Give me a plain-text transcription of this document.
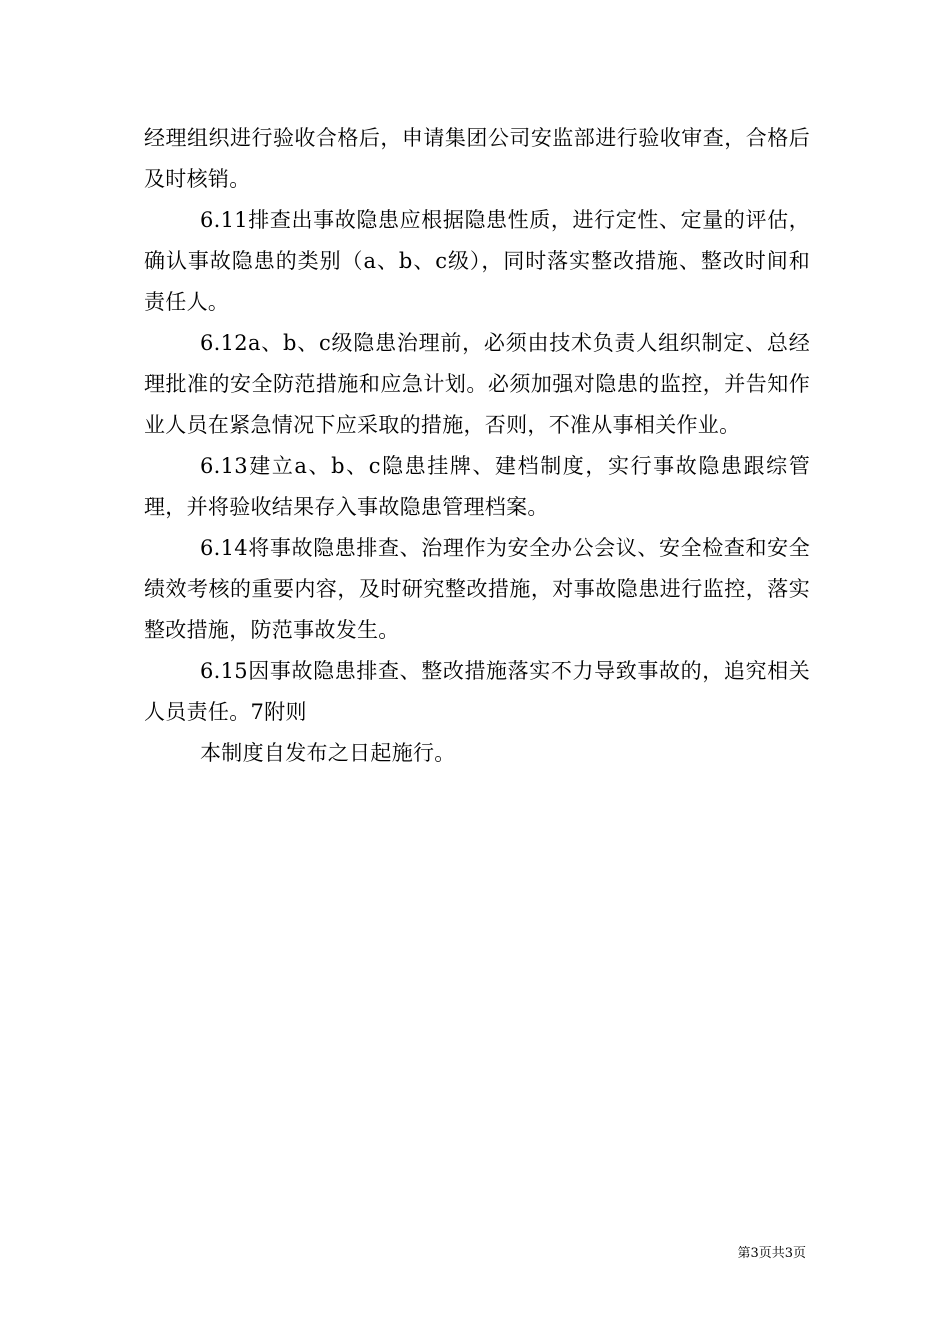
经理组织进行验收合格后，申请集团公司安监部进行验收审查，合格后及时核销。

6.11排查出事故隐患应根据隐患性质，进行定性、定量的评估，确认事故隐患的类别（a、b、c级），同时落实整改措施、整改时间和责任人。

6.12a、b、c级隐患治理前，必须由技术负责人组织制定、总经理批准的安全防范措施和应急计划。必须加强对隐患的监控，并告知作业人员在紧急情况下应采取的措施，否则，不准从事相关作业。

6.13建立a、b、c隐患挂牌、建档制度，实行事故隐患跟综管理，并将验收结果存入事故隐患管理档案。

6.14将事故隐患排查、治理作为安全办公会议、安全检查和安全绩效考核的重要内容，及时研究整改措施，对事故隐患进行监控，落实整改措施，防范事故发生。

6.15因事故隐患排查、整改措施落实不力导致事故的，追究相关人员责任。7附则

本制度自发布之日起施行。

第3页共3页
